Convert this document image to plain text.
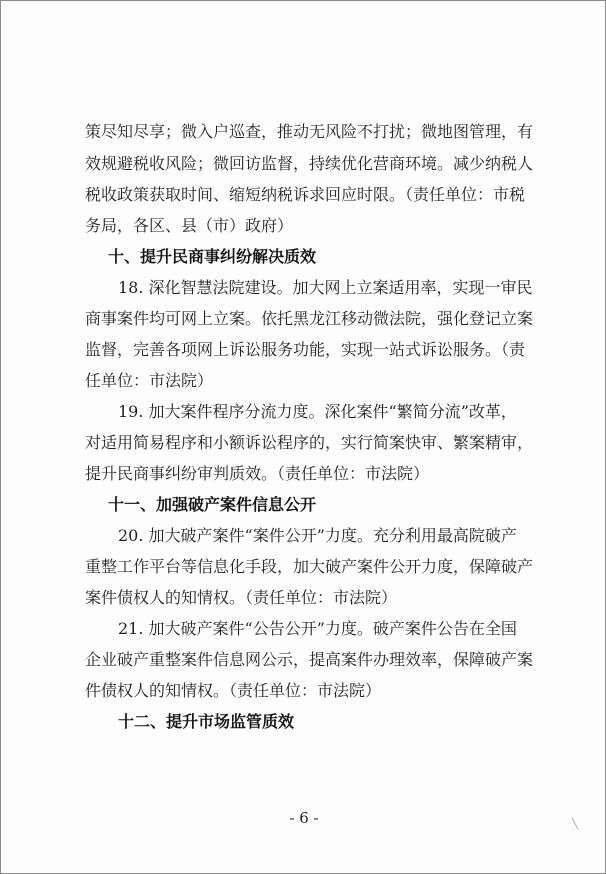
策尽知尽享；微入户巡查，推动无风险不打扰；微地图管理，有
效规避税收风险；微回访监督，持续优化营商环境。减少纳税人
税收政策获取时间、缩短纳税诉求回应时限。（责任单位：市税
务局，各区、县（市）政府）
十、提升民商事纠纷解决质效
18. 深化智慧法院建设。加大网上立案适用率，实现一审民
商事案件均可网上立案。依托黑龙江移动微法院，强化登记立案
监督，完善各项网上诉讼服务功能，实现一站式诉讼服务。（责
任单位：市法院）
19. 加大案件程序分流力度。深化案件“繁简分流”改革，
对适用简易程序和小额诉讼程序的，实行简案快审、繁案精审，
提升民商事纠纷审判质效。（责任单位：市法院）
十一、加强破产案件信息公开
20. 加大破产案件“案件公开”力度。充分利用最高院破产
重整工作平台等信息化手段，加大破产案件公开力度，保障破产
案件债权人的知情权。（责任单位：市法院）
21. 加大破产案件“公告公开”力度。破产案件公告在全国
企业破产重整案件信息网公示，提高案件办理效率，保障破产案
件债权人的知情权。（责任单位：市法院）
十二、提升市场监管质效
- 6 -	╲
